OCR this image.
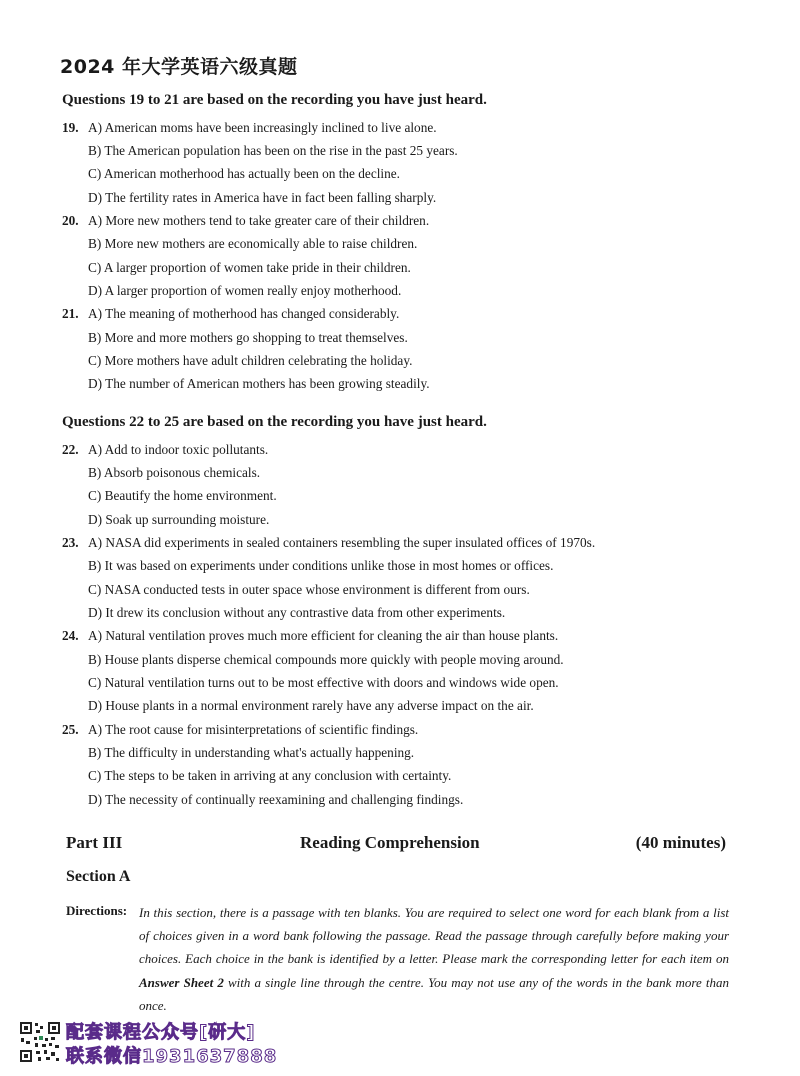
2024 年大学英语六级真题
Questions 19 to 21 are based on the recording you have just heard.
19. A) American moms have been increasingly inclined to live alone.
B) The American population has been on the rise in the past 25 years.
C) American motherhood has actually been on the decline.
D) The fertility rates in America have in fact been falling sharply.
20. A) More new mothers tend to take greater care of their children.
B) More new mothers are economically able to raise children.
C) A larger proportion of women take pride in their children.
D) A larger proportion of women really enjoy motherhood.
21. A) The meaning of motherhood has changed considerably.
B) More and more mothers go shopping to treat themselves.
C) More mothers have adult children celebrating the holiday.
D) The number of American mothers has been growing steadily.
Questions 22 to 25 are based on the recording you have just heard.
22. A) Add to indoor toxic pollutants.
B) Absorb poisonous chemicals.
C) Beautify the home environment.
D) Soak up surrounding moisture.
23. A) NASA did experiments in sealed containers resembling the super insulated offices of 1970s.
B) It was based on experiments under conditions unlike those in most homes or offices.
C) NASA conducted tests in outer space whose environment is different from ours.
D) It drew its conclusion without any contrastive data from other experiments.
24. A) Natural ventilation proves much more efficient for cleaning the air than house plants.
B) House plants disperse chemical compounds more quickly with people moving around.
C) Natural ventilation turns out to be most effective with doors and windows wide open.
D) House plants in a normal environment rarely have any adverse impact on the air.
25. A) The root cause for misinterpretations of scientific findings.
B) The difficulty in understanding what's actually happening.
C) The steps to be taken in arriving at any conclusion with certainty.
D) The necessity of continually reexamining and challenging findings.
Part III	Reading Comprehension	(40 minutes)
Section A
Directions: In this section, there is a passage with ten blanks. You are required to select one word for each blank from a list of choices given in a word bank following the passage. Read the passage through carefully before making your choices. Each choice in the bank is identified by a letter. Please mark the corresponding letter for each item on Answer Sheet 2 with a single line through the centre. You may not use any of the words in the bank more than once.
配套课程公众号[研大]
联系微信1931637888
